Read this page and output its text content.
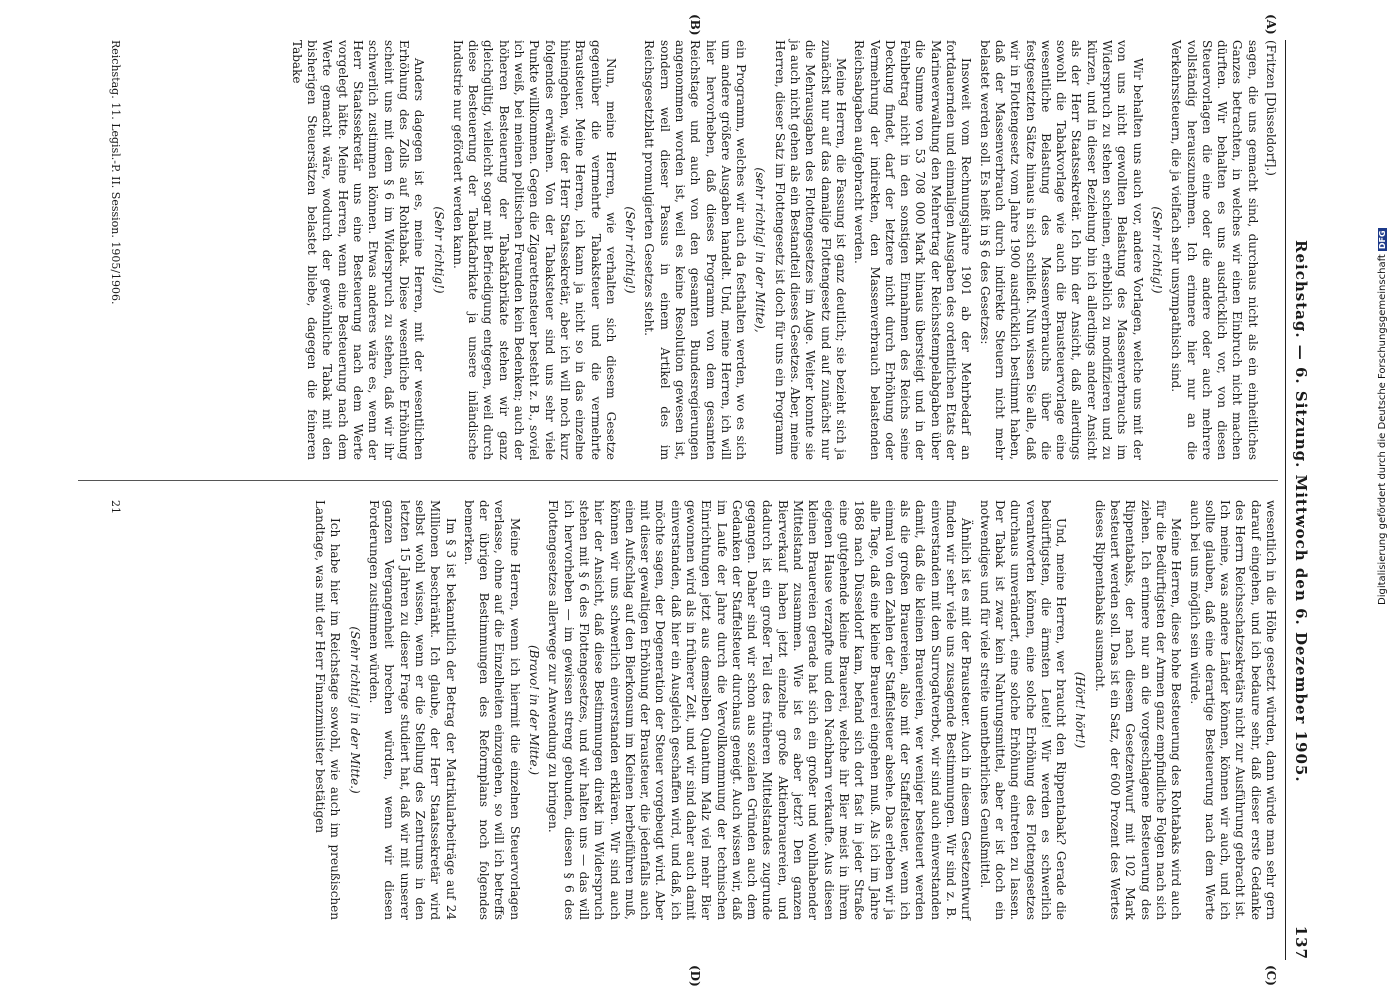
Reichstag. — 6. Sitzung. Mittwoch den 6. Dezember 1905.
137
(A)
(B)
(C)
(D)

(Fritzen [Düsseldorf].)

sagen, die uns gemacht sind, durchaus nicht als ein einheitliches Ganzes betrachten, in welches wir einen Einbruch nicht machen dürften. Wir behalten es uns ausdrücklich vor, von diesen Steuervorlagen die eine oder die andere oder auch mehrere vollständig herauszunehmen. Ich erinnere hier nur an die Verkehrssteuern, die ja vielfach sehr unsympathisch sind.

(Sehr richtig!)

Wir behalten uns auch vor, andere Vorlagen, welche uns mit der von uns nicht gewollten Belastung des Massenverbrauchs im Widerspruch zu stehen scheinen, erheblich zu modifizieren und zu kürzen, und in dieser Beziehung bin ich allerdings anderer Ansicht als der Herr Staatssekretär. Ich bin der Ansicht, daß allerdings sowohl die Tabakvorlage wie auch die Brausteuervorlage eine wesentliche Belastung des Massenverbrauchs über die festgesetzten Sätze hinaus in sich schließt. Nun wissen Sie alle, daß wir in Flottengesetz vom Jahre 1900 ausdrücklich bestimmt haben, daß der Massenverbrauch durch indirekte Steuern nicht mehr belastet werden soll. Es heißt in § 6 des Gesetzes:

Insoweit vom Rechnungsjahre 1901 ab der Mehrbedarf an fortdauernden und einmaligen Ausgaben des ordentlichen Etats der Marineverwaltung den Mehrertrag der Reichsstempelabgaben über die Summe von 53 708 000 Mark hinaus übersteigt und in der Fehlbetrag nicht in den sonstigen Einnahmen des Reichs seine Deckung findet, darf der letztere nicht durch Erhöhung oder Vermehrung der indirekten, den Massenverbrauch belastenden Reichsabgaben aufgebracht werden.

Meine Herren, die Fassung ist ganz deutlich; sie bezieht sich ja zunächst nur auf das damalige Flottengesetz und auf zunächst nur die Mehrausgaben des Flottengesetzes im Auge. Weiter konnte sie ja auch nicht gehen als ein Bestandteil dieses Gesetzes. Aber, meine Herren, dieser Satz im Flottengesetz ist doch für uns ein Programm

(sehr richtig! in der Mitte),

ein Programm, welches wir auch da festhalten werden, wo es sich um andere größere Ausgaben handelt. Und, meine Herren, ich will hier hervorheben, daß dieses Programm von dem gesamten Reichstage und auch von den gesamten Bundesregierungen angenommen worden ist, weil es keine Resolution gewesen ist, sondern weil dieser Passus in einem Artikel des im Reichsgesetzblatt promulgierten Gesetzes steht.

(Sehr richtig!)

Nun, meine Herren, wie verhalten sich diesem Gesetze gegenüber die vermehrte Tabaksteuer und die vermehrte Brausteuer. Meine Herren, ich kann ja nicht so in das einzelne hineingehen, wie der Herr Staatssekretär, aber ich will noch kurz folgendes erwähnen. Von der Tabaksteuer sind uns sehr viele Punkte willkommen. Gegen die Zigarettensteuer besteht z. B., soviel ich weiß, bei meinen politischen Freunden kein Bedenken; auch der höheren Besteuerung der Tabakfabrikate stehen wir ganz gleichgültig, vielleicht sogar mit Befriedigung entgegen, weil durch diese Besteuerung der Tabakfabrikate ja unsere inländische Industrie nur gefördert werden kann.

(Sehr richtig!)

Anders dagegen ist es, meine Herren, mit der wesentlichen Erhöhung des Zolls auf Rohtabak. Diese wesentliche Erhöhung scheint uns mit dem § 6 im Widerspruch zu stehen, daß wir ihr schwerlich zustimmen können. Etwas anderes wäre es, wenn der Herr Staatssekretär uns eine Besteuerung nach dem Werte vorgelegt hätte. Meine Herren, wenn eine Besteuerung nach dem Werte gemacht wäre, wodurch der gewöhnliche Tabak mit den bisherigen Steuersätzen belastet bliebe, dagegen die feineren Tabake

wesentlich in die Höhe gesetzt würden, dann würde man sehr gern darauf eingehen, und ich bedaure sehr, daß dieser erste Gedanke des Herrn Reichsschatzsekretärs nicht zur Ausführung gebracht ist. Ich meine, was andere Länder können, können wir auch, und ich sollte glauben, daß eine derartige Besteuerung nach dem Werte auch bei uns möglich sein würde.

Meine Herren, diese hohe Besteuerung des Rohtabaks wird auch für die Bedürftigsten der Armen ganz empfindliche Folgen nach sich ziehen. Ich erinnere nur an die vorgeschlagene Besteuerung des Rippentabaks, der nach diesem Gesetzentwurf mit 102 Mark besteuert werden soll. Das ist ein Satz, der 600 Prozent des Wertes dieses Rippentabaks ausmacht.

(Hört! hört!)

Und, meine Herren, wer braucht den Rippentabak? Gerade die bedürftigsten, die ärmsten Leute! Wir werden es schwerlich verantworten können, eine solche Erhöhung des Flottengesetzes durchaus unverändert, eine solche Erhöhung eintreten zu lassen. Der Tabak ist zwar kein Nahrungsmittel, aber er ist doch ein notwendiges und für viele streite unentbehrliches Genußmittel.

Ähnlich ist es mit der Brausteuer. Auch in diesem Gesetzentwurf finden wir sehr viele uns zusagende Bestimmungen. Wir sind z. B. einverstanden mit dem Surrogatverbot, wir sind auch einverstanden damit, daß die kleinen Brauereien, wer weniger besteuert werden als die großen Brauereien, also mit der Staffelsteuer, wenn ich einmal von den Zahlen der Staffelsteuer absehe. Das erleben wir ja alle Tage, daß eine kleine Brauerei eingehen muß. Als ich im Jahre 1868 nach Düsseldorf kam, befand sich dort fast in jeder Straße eine gutgehende kleine Brauerei, welche ihr Bier meist in ihrem eigenen Hause verzapfte und den Nachbarn verkaufte. Aus diesen kleinen Brauereien gerade hat sich ein großer und wohlhabender Mittelstand zusammen. Wie ist es aber jetzt? Den ganzen Bierverkauf haben jetzt einzelne große Aktienbrauereien, und dadurch ist ein großer Teil des früheren Mittelstandes zugrunde gegangen. Daher sind wir schon aus sozialen Gründen auch dem Gedanken der Staffelsteuer durchaus geneigt. Auch wissen wir, daß im Laufe der Jahre durch die Vervollkommnung der technischen Einrichtungen jetzt aus demselben Quantum Malz viel mehr Bier gewonnen wird als in früherer Zeit, und wir sind daher auch damit einverstanden, daß hier ein Ausgleich geschaffen wird, und daß, ich möchte sagen, der Degeneration der Steuer vorgebeugt wird. Aber mit dieser gewaltigen Erhöhung der Brausteuer, die jedenfalls auch einen Aufschlag auf den Bierkonsum im Kleinen herbeiführen muß, können wir uns schwerlich einverstanden erklären. Wir sind auch hier der Ansicht, daß diese Bestimmungen direkt im Widerspruch stehen mit § 6 des Flottengesetzes, und wir halten uns — das will ich hervorheben — im gewissen streng gebunden, diesen § 6 des Flottengesetzes allerwege zur Anwendung zu bringen.

(Bravo! in der Mitte.)

Meine Herren, wenn ich hiermit die einzelnen Steuervorlagen verlasse, ohne auf die Einzelheiten einzugehen, so will ich betreffs der übrigen Bestimmungen des Reformplans noch folgendes bemerken.

Im § 3 ist bekanntlich der Betrag der Matrikularbeiträge auf 24 Millionen beschränkt. Ich glaube, der Herr Staatssekretär wird selbst wohl wissen, wenn er die Stellung des Zentrums in den letzten 15 Jahren zu dieser Frage studiert hat, daß wir mit unserer ganzen Vergangenheit brechen würden, wenn wir diesen Forderungen zustimmen würden.

(Sehr richtig! in der Mitte.)

Ich habe hier im Reichstage sowohl, wie auch im preußischen Landtage, was mit der Herr Finanzminister bestätigen

Reichstag. 11. Legisl.-P. II. Session. 1905/1906.
21	Digitalisierung gefördert durch die Deutsche ForschungsgemeinschaftDFG
